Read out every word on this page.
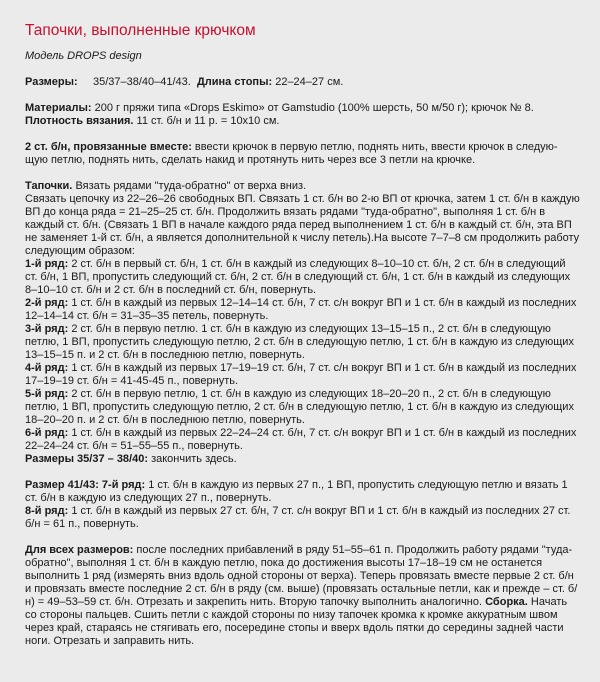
Тапочки, выполненные крючком

Модель DROPS design

Размеры: 35/37–38/40–41/43. Длина стопы: 22–24–27 см.

Материалы: 200 г пряжи типа «Drops Eskimo» от Gamstudio (100% шерсть, 50 м/50 г); крючок № 8.

Плотность вязания. 11 ст. б/н и 11 р. = 10x10 см.

2 ст. б/н, провязанные вместе: ввести крючок в первую петлю, поднять нить, ввести крючок в следую-щую петлю, поднять нить, сделать накид и протянуть нить через все 3 петли на крючке.

Тапочки. Вязать рядами "туда-обратно" от верха вниз.

Связать цепочку из 22–26–26 свободных ВП. Связать 1 ст. б/н во 2-ю ВП от крючка, затем 1 ст. б/н в каждую ВП до конца ряда = 21–25–25 ст. б/н. Продолжить вязать рядами "туда-обратно", выполняя 1 ст. б/н в каждый ст. б/н. (Связать 1 ВП в начале каждого ряда перед выполнением 1 ст. б/н в каждый ст. б/н, эта ВП не заменяет 1-й ст. б/н, а является дополнительной к числу петель).На высоте 7–7–8 см продолжить работу следующим образом:

1-й ряд: 2 ст. б/н в первый ст. б/н, 1 ст. б/н в каждый из следующих 8–10–10 ст. б/н, 2 ст. б/н в следующий ст. б/н, 1 ВП, пропустить следующий ст. б/н, 2 ст. б/н в следующий ст. б/н, 1 ст. б/н в каждый из следующих 8–10–10 ст. б/н и 2 ст. б/н в последний ст. б/н, повернуть.

2-й ряд: 1 ст. б/н в каждый из первых 12–14–14 ст. б/н, 7 ст. с/н вокруг ВП и 1 ст. б/н в каждый из последних 12–14–14 ст. б/н = 31–35–35 петель, повернуть.

3-й ряд: 2 ст. б/н в первую петлю. 1 ст. б/н в каждую из следующих 13–15–15 п., 2 ст. б/н в следующую петлю, 1 ВП, пропустить следующую петлю, 2 ст. б/н в следующую петлю, 1 ст. б/н в каждую из следующих 13–15–15 п. и 2 ст. б/н в последнюю петлю, повернуть.

4-й ряд: 1 ст. б/н в каждый из первых 17–19–19 ст. б/н, 7 ст. с/н вокруг ВП и 1 ст. б/н в каждый из последних 17–19–19 ст. б/н = 41-45-45 п., повернуть.

5-й ряд: 2 ст. б/н в первую петлю, 1 ст. б/н в каждую из следующих 18–20–20 п., 2 ст. б/н в следующую петлю, 1 ВП, пропустить следующую петлю, 2 ст. б/н в следующую петлю, 1 ст. б/н в каждую из следующих 18–20–20 п. и 2 ст. б/н в последнюю петлю, повернуть.

6-й ряд: 1 ст. б/н в каждый из первых 22–24–24 ст. б/н, 7 ст. с/н вокруг ВП и 1 ст. б/н в каждый из последних 22–24–24 ст. б/н = 51–55–55 п., повернуть.

Размеры 35/37 – 38/40: закончить здесь.

Размер 41/43: 7-й ряд: 1 ст. б/н в каждую из первых 27 п., 1 ВП, пропустить следующую петлю и вязать 1 ст. б/н в каждую из следующих 27 п., повернуть.

8-й ряд: 1 ст. б/н в каждый из первых 27 ст. б/н, 7 ст. с/н вокруг ВП и 1 ст. б/н в каждый из последних 27 ст. б/н = 61 п., повернуть.

Для всех размеров: после последних прибавлений в ряду 51–55–61 п. Продолжить работу рядами "туда-обратно", выполняя 1 ст. б/н в каждую петлю, пока до достижения высоты 17–18–19 см не останется выполнить 1 ряд (измерять вниз вдоль одной стороны от верха). Теперь провязать вместе первые 2 ст. б/н и провязать вместе последние 2 ст. б/н в ряду (см. выше) (провязать остальные петли, как и прежде – ст. б/н) = 49–53–59 ст. б/н. Отрезать и закрепить нить. Вторую тапочку выполнить аналогично. Сборка. Начать со стороны пальцев. Сшить петли с каждой стороны по низу тапочек кромка к кромке аккуратным швом через край, стараясь не стягивать его, посередине стопы и вверх вдоль пятки до середины задней части ноги. Отрезать и заправить нить.
